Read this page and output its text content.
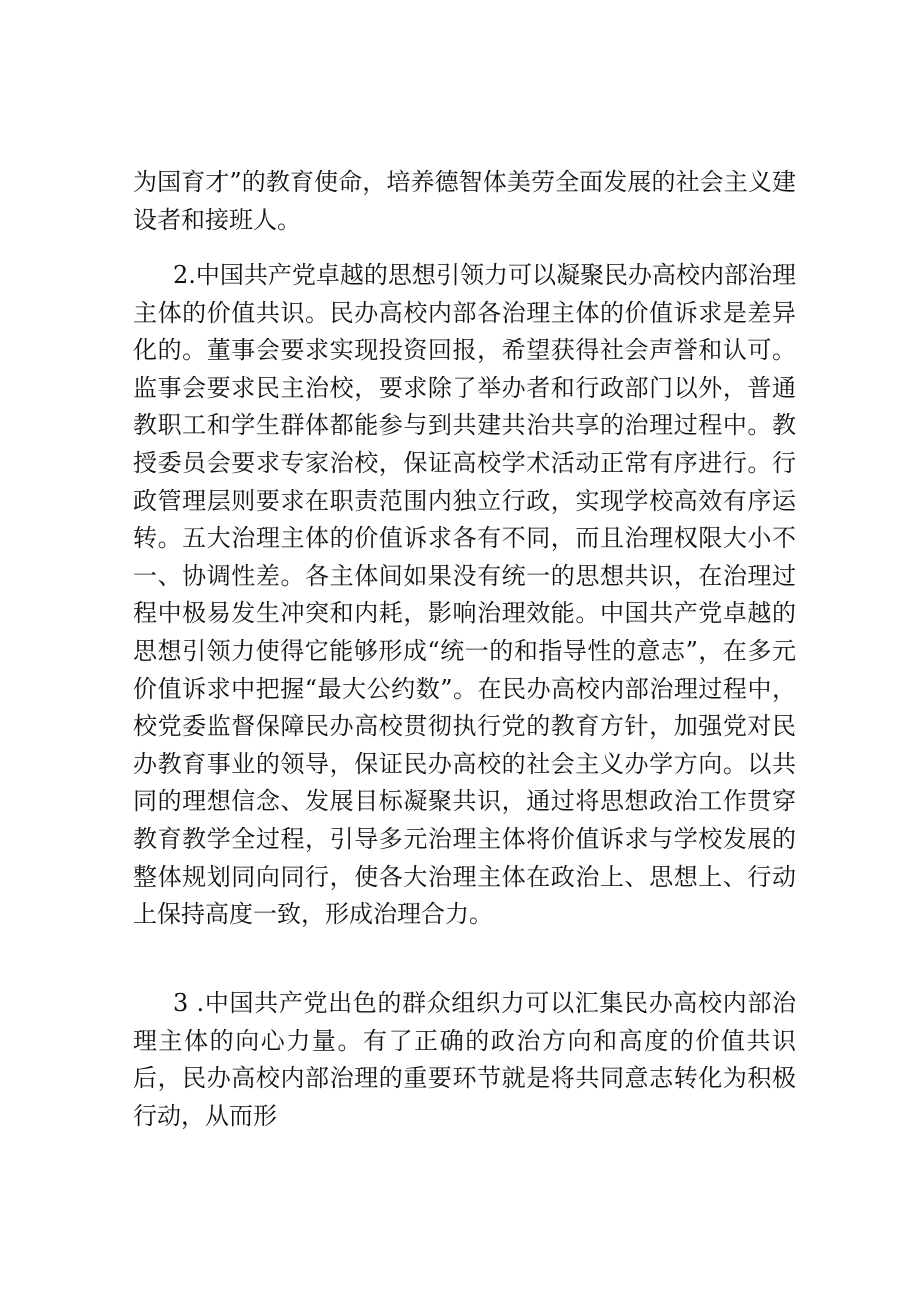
为国育才”的教育使命，培养德智体美劳全面发展的社会主义建设者和接班人。

2.中国共产党卓越的思想引领力可以凝聚民办高校内部治理主体的价值共识。民办高校内部各治理主体的价值诉求是差异化的。董事会要求实现投资回报，希望获得社会声誉和认可。监事会要求民主治校，要求除了举办者和行政部门以外，普通教职工和学生群体都能参与到共建共治共享的治理过程中。教授委员会要求专家治校，保证高校学术活动正常有序进行。行政管理层则要求在职责范围内独立行政，实现学校高效有序运转。五大治理主体的价值诉求各有不同，而且治理权限大小不一、协调性差。各主体间如果没有统一的思想共识，在治理过程中极易发生冲突和内耗，影响治理效能。中国共产党卓越的思想引领力使得它能够形成“统一的和指导性的意志”，在多元价值诉求中把握“最大公约数”。在民办高校内部治理过程中，校党委监督保障民办高校贯彻执行党的教育方针，加强党对民办教育事业的领导，保证民办高校的社会主义办学方向。以共同的理想信念、发展目标凝聚共识，通过将思想政治工作贯穿教育教学全过程，引导多元治理主体将价值诉求与学校发展的整体规划同向同行，使各大治理主体在政治上、思想上、行动上保持高度一致，形成治理合力。

3 .中国共产党出色的群众组织力可以汇集民办高校内部治理主体的向心力量。有了正确的政治方向和高度的价值共识后，民办高校内部治理的重要环节就是将共同意志转化为积极行动，从而形
